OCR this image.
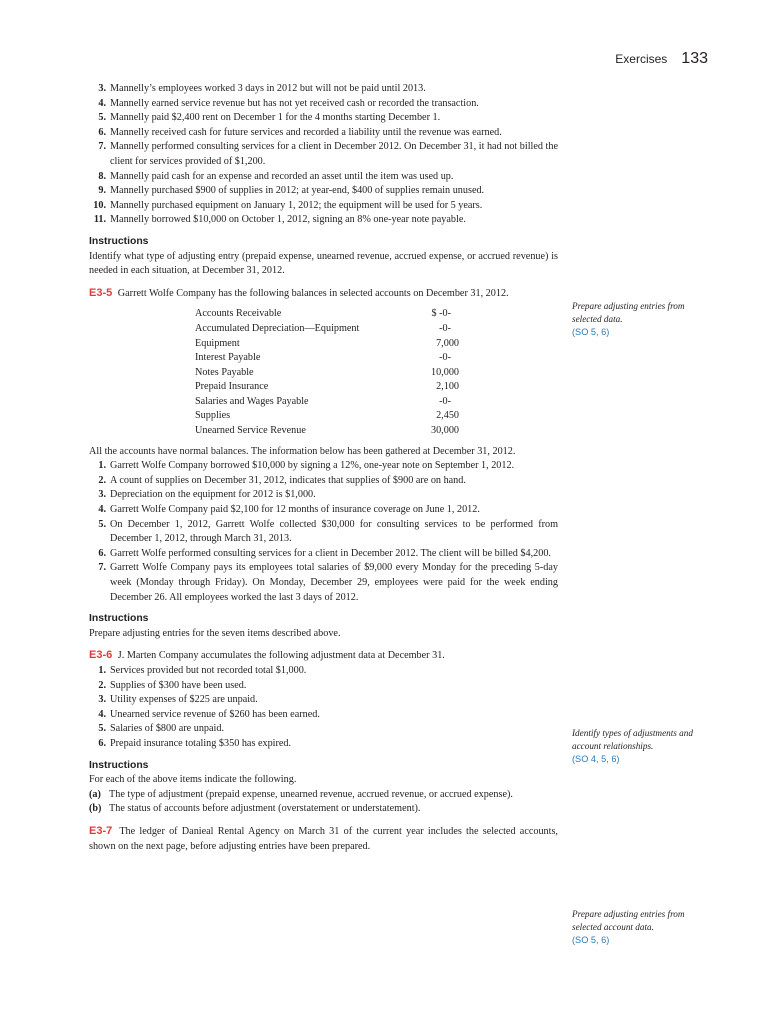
Exercises 133
Prepare adjusting entries from selected data.
(SO 5, 6)
Identify types of adjustments and account relationships.
(SO 4, 5, 6)
Prepare adjusting entries from selected account data.
(SO 5, 6)
3. Mannelly’s employees worked 3 days in 2012 but will not be paid until 2013.
4. Mannelly earned service revenue but has not yet received cash or recorded the transaction.
5. Mannelly paid $2,400 rent on December 1 for the 4 months starting December 1.
6. Mannelly received cash for future services and recorded a liability until the revenue was earned.
7. Mannelly performed consulting services for a client in December 2012. On December 31, it had not billed the client for services provided of $1,200.
8. Mannelly paid cash for an expense and recorded an asset until the item was used up.
9. Mannelly purchased $900 of supplies in 2012; at year-end, $400 of supplies remain unused.
10. Mannelly purchased equipment on January 1, 2012; the equipment will be used for 5 years.
11. Mannelly borrowed $10,000 on October 1, 2012, signing an 8% one-year note payable.
Instructions

Identify what type of adjusting entry (prepaid expense, unearned revenue, accrued expense, or accrued revenue) is needed in each situation, at December 31, 2012.

E3-5 Garrett Wolfe Company has the following balances in selected accounts on December 31, 2012.

Accounts Receivable	$ -0-
Accumulated Depreciation—Equipment	-0-
Equipment	7,000
Interest Payable	-0-
Notes Payable	10,000
Prepaid Insurance	2,100
Salaries and Wages Payable	-0-
Supplies	2,450
Unearned Service Revenue	30,000

All the accounts have normal balances. The information below has been gathered at December 31, 2012.

1. Garrett Wolfe Company borrowed $10,000 by signing a 12%, one-year note on September 1, 2012.
2. A count of supplies on December 31, 2012, indicates that supplies of $900 are on hand.
3. Depreciation on the equipment for 2012 is $1,000.
4. Garrett Wolfe Company paid $2,100 for 12 months of insurance coverage on June 1, 2012.
5. On December 1, 2012, Garrett Wolfe collected $30,000 for consulting services to be performed from December 1, 2012, through March 31, 2013.
6. Garrett Wolfe performed consulting services for a client in December 2012. The client will be billed $4,200.
7. Garrett Wolfe Company pays its employees total salaries of $9,000 every Monday for the preceding 5-day week (Monday through Friday). On Monday, December 29, employees were paid for the week ending December 26. All employees worked the last 3 days of 2012.
Instructions

Prepare adjusting entries for the seven items described above.

E3-6 J. Marten Company accumulates the following adjustment data at December 31.

1. Services provided but not recorded total $1,000.
2. Supplies of $300 have been used.
3. Utility expenses of $225 are unpaid.
4. Unearned service revenue of $260 has been earned.
5. Salaries of $800 are unpaid.
6. Prepaid insurance totaling $350 has expired.
Instructions

For each of the above items indicate the following.

(a) The type of adjustment (prepaid expense, unearned revenue, accrued revenue, or accrued expense).
(b) The status of accounts before adjustment (overstatement or understatement).

E3-7 The ledger of Danieal Rental Agency on March 31 of the current year includes the selected accounts, shown on the next page, before adjusting entries have been prepared.
